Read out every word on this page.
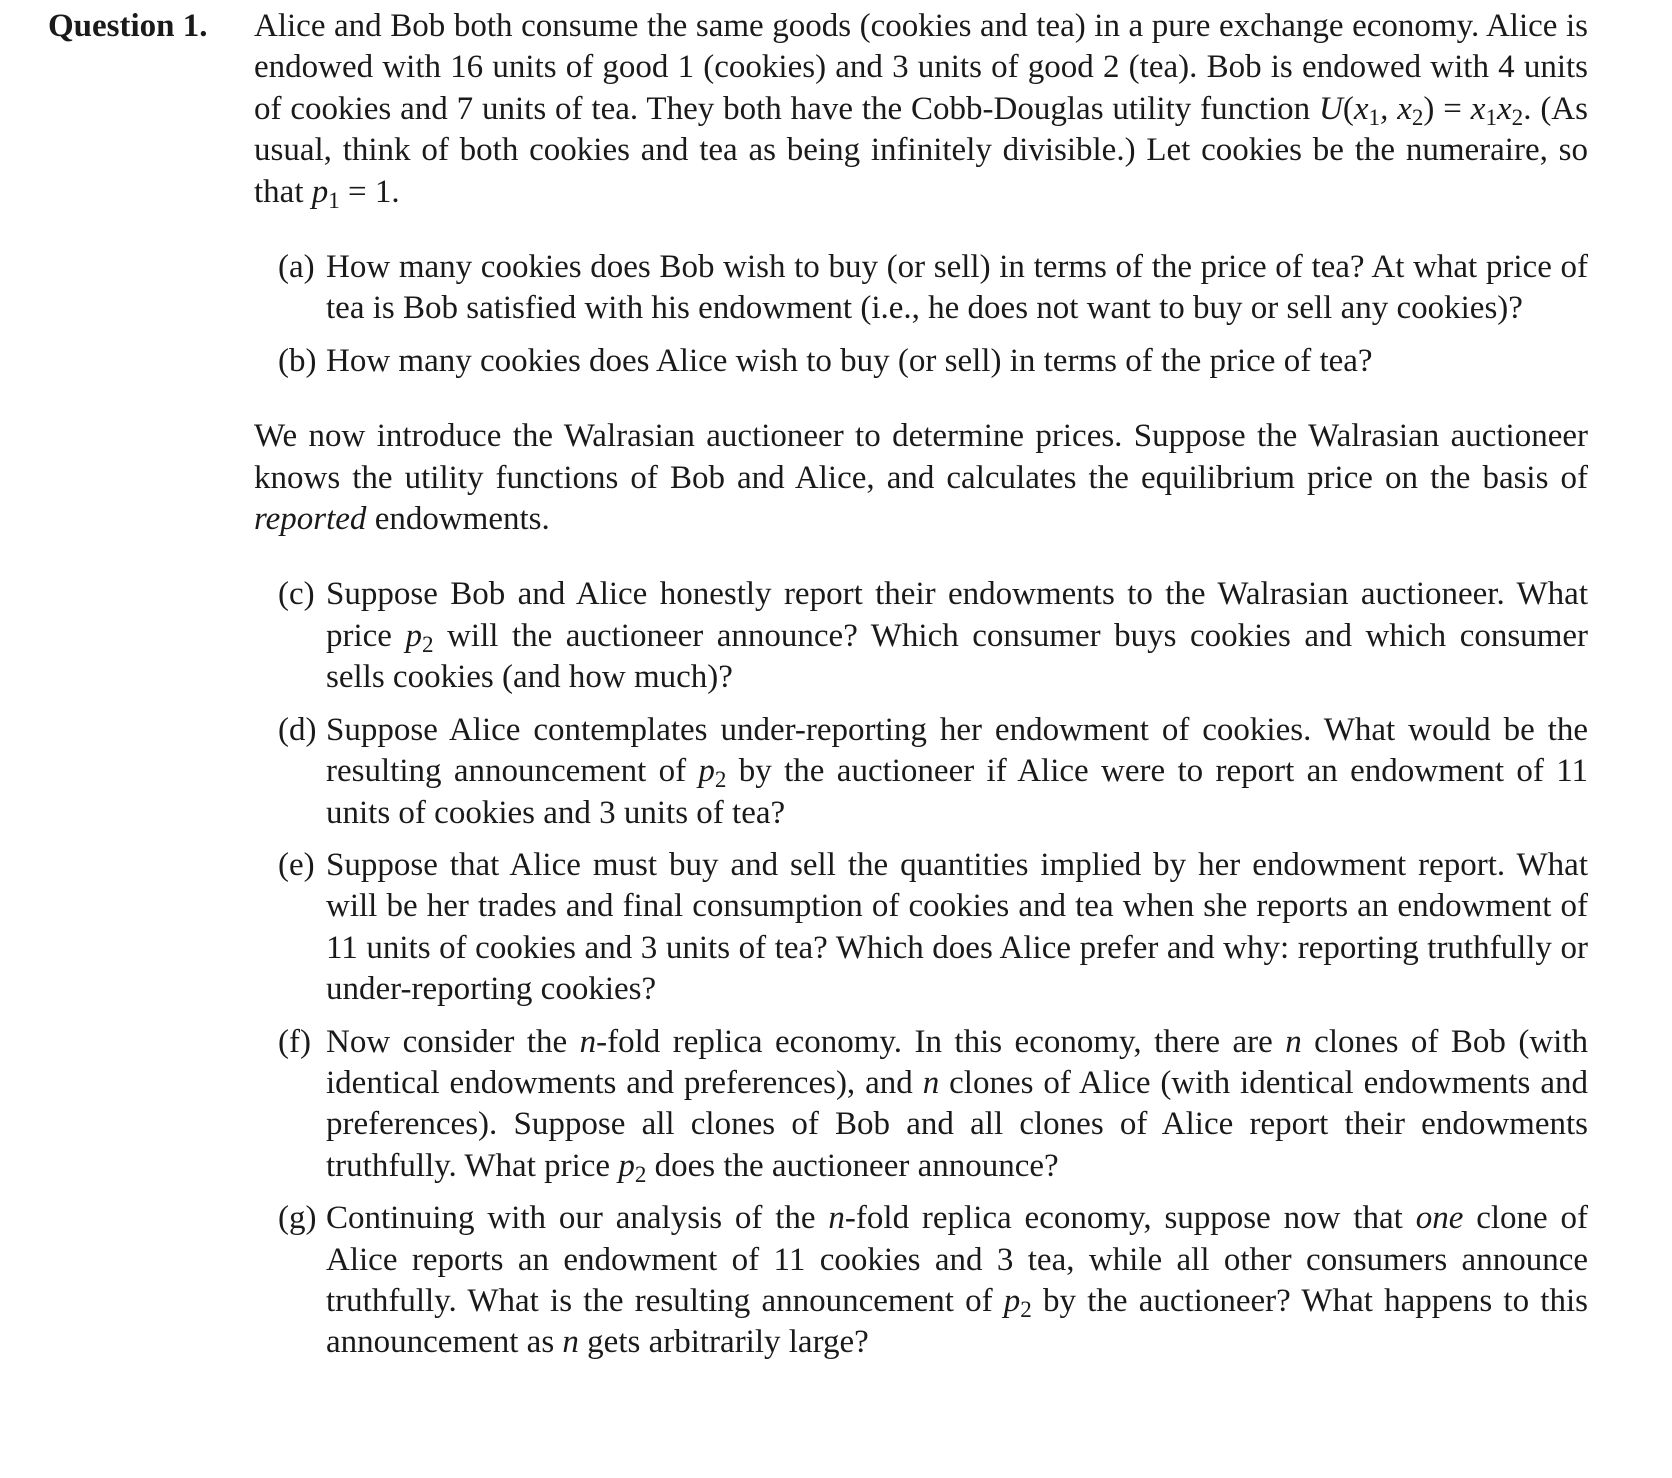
Question 1.	Alice and Bob both consume the same goods (cookies and tea) in a pure exchange economy. Alice is endowed with 16 units of good 1 (cookies) and 3 units of good 2 (tea). Bob is endowed with 4 units of cookies and 7 units of tea. They both have the Cobb-Douglas utility function $U(x_1$, $x_2) = x_1x_2$. (As usual, think of both cookies and tea as being infinitely divisible.) Let cookies be the numeraire, so that $p_1 = 1$.
(a) How many cookies does Bob wish to buy (or sell) in terms of the price of tea? At what price of tea is Bob satisfied with his endowment (i.e., he does not want to buy or sell any cookies)?
(b) How many cookies does Alice wish to buy (or sell) in terms of the price of tea?
We now introduce the Walrasian auctioneer to determine prices. Suppose the Walrasian auctioneer knows the utility functions of Bob and Alice, and calculates the equilibrium price on the basis of reported endowments.
(c) Suppose Bob and Alice honestly report their endowments to the Walrasian auctioneer. What price $p_2$ will the auctioneer announce? Which consumer buys cookies and which consumer sells cookies (and how much)?
(d) Suppose Alice contemplates under-reporting her endowment of cookies. What would be the resulting announcement of $p_2$ by the auctioneer if Alice were to report an endowment of 11 units of cookies and 3 units of tea?
(e) Suppose that Alice must buy and sell the quantities implied by her endowment report. What will be her trades and final consumption of cookies and tea when she reports an endowment of 11 units of cookies and 3 units of tea? Which does Alice prefer and why: reporting truthfully or under-reporting cookies?
(f) Now consider the n-fold replica economy. In this economy, there are n clones of Bob (with identical endowments and preferences), and n clones of Alice (with identical endowments and preferences). Suppose all clones of Bob and all clones of Alice report their endowments truthfully. What price $p_2$ does the auctioneer announce?
(g) Continuing with our analysis of the n-fold replica economy, suppose now that one clone of Alice reports an endowment of 11 cookies and 3 tea, while all other consumers announce truthfully. What is the resulting announcement of $p_2$ by the auctioneer? What happens to this announcement as n gets arbitrarily large?
